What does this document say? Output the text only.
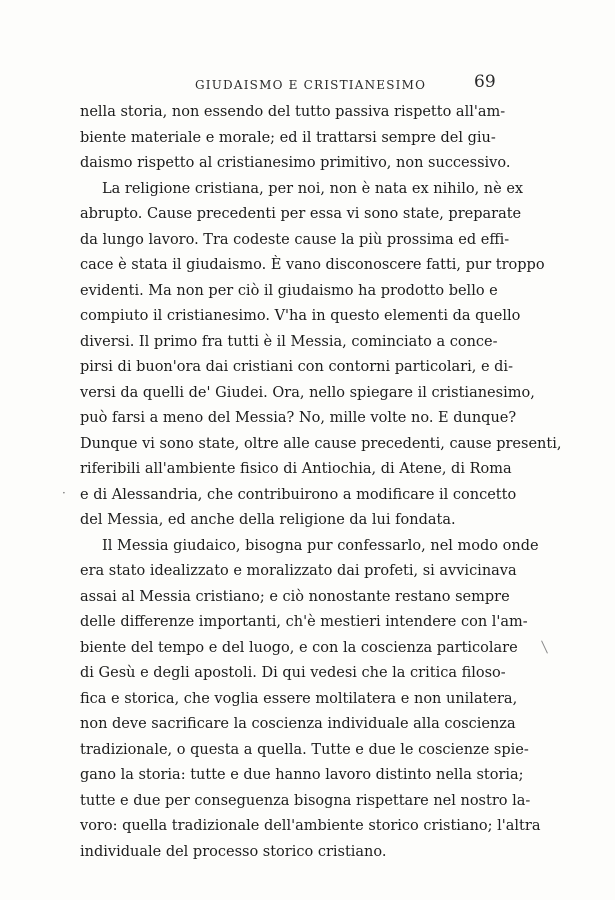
GIUDAISMO E CRISTIANESIMO	69
nella storia, non essendo del tutto passiva rispetto all'am-
biente materiale e morale; ed il trattarsi sempre del giu-
daismo rispetto al cristianesimo primitivo, non successivo.
La religione cristiana, per noi, non è nata ex nihilo, nè ex
abrupto. Cause precedenti per essa vi sono state, preparate
da lungo lavoro. Tra codeste cause la più prossima ed effi-
cace è stata il giudaismo. È vano disconoscere fatti, pur troppo
evidenti. Ma non per ciò il giudaismo ha prodotto bello e
compiuto il cristianesimo. V'ha in questo elementi da quello
diversi. Il primo fra tutti è il Messia, cominciato a conce-
pirsi di buon'ora dai cristiani con contorni particolari, e di-
versi da quelli de' Giudei. Ora, nello spiegare il cristianesimo,
può farsi a meno del Messia? No, mille volte no. E dunque?
Dunque vi sono state, oltre alle cause precedenti, cause presenti,
riferibili all'ambiente fisico di Antiochia, di Atene, di Roma
e di Alessandria, che contribuirono a modificare il concetto
del Messia, ed anche della religione da lui fondata.
Il Messia giudaico, bisogna pur confessarlo, nel modo onde
era stato idealizzato e moralizzato dai profeti, si avvicinava
assai al Messia cristiano; e ciò nonostante restano sempre
delle differenze importanti, ch'è mestieri intendere con l'am-
biente del tempo e del luogo, e con la coscienza particolare
di Gesù e degli apostoli. Di qui vedesi che la critica filoso-
fica e storica, che voglia essere moltilatera e non unilatera,
non deve sacrificare la coscienza individuale alla coscienza
tradizionale, o questa a quella. Tutte e due le coscienze spie-
gano la storia: tutte e due hanno lavoro distinto nella storia;
tutte e due per conseguenza bisogna rispettare nel nostro la-
voro: quella tradizionale dell'ambiente storico cristiano; l'altra
individuale del processo storico cristiano.
·
